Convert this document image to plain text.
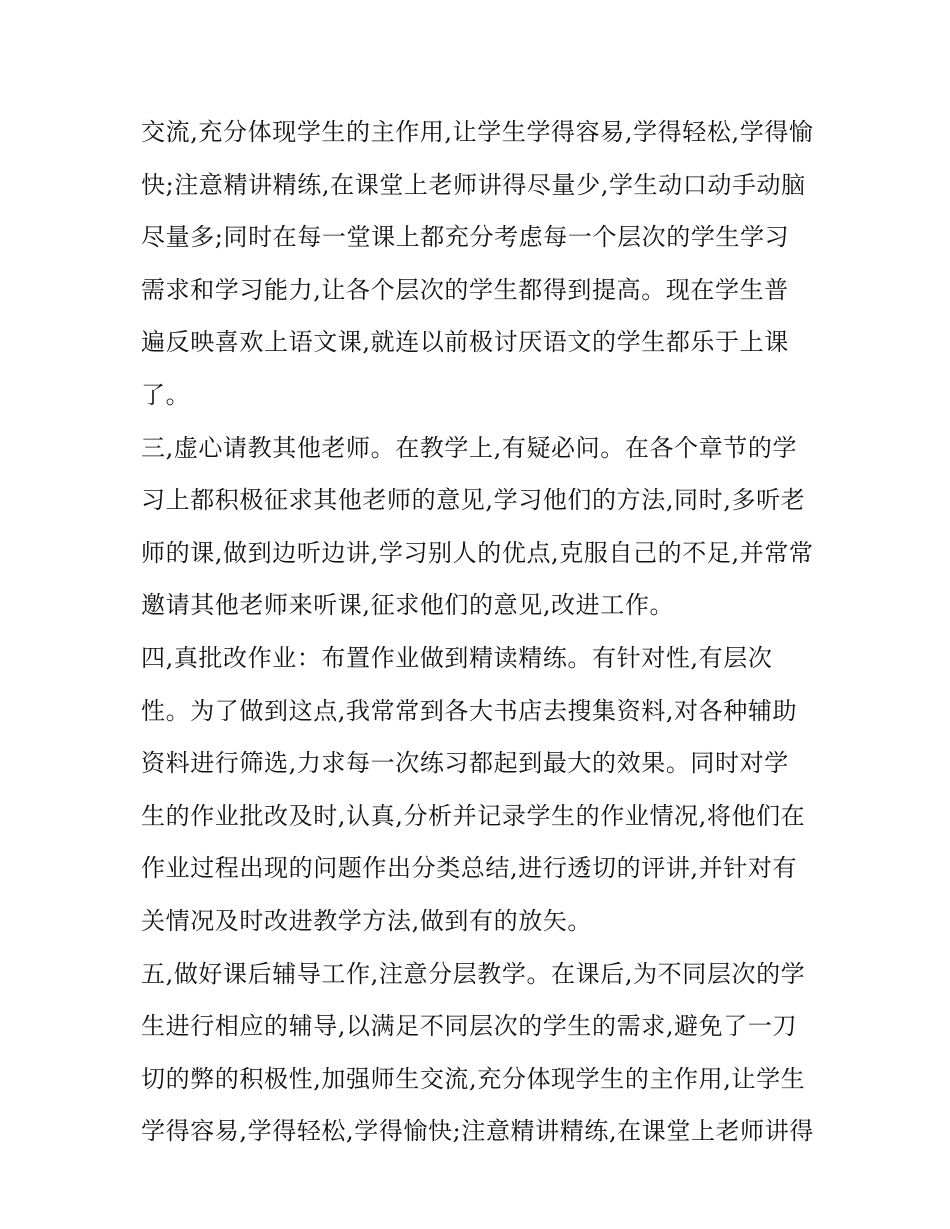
交流,充分体现学生的主作用,让学生学得容易,学得轻松,学得愉
快;注意精讲精练,在课堂上老师讲得尽量少,学生动口动手动脑
尽量多;同时在每一堂课上都充分考虑每一个层次的学生学习
需求和学习能力,让各个层次的学生都得到提高。现在学生普
遍反映喜欢上语文课,就连以前极讨厌语文的学生都乐于上课
了。
三,虚心请教其他老师。在教学上,有疑必问。在各个章节的学
习上都积极征求其他老师的意见,学习他们的方法,同时,多听老
师的课,做到边听边讲,学习别人的优点,克服自己的不足,并常常
邀请其他老师来听课,征求他们的意见,改进工作。
四,真批改作业：布置作业做到精读精练。有针对性,有层次
性。为了做到这点,我常常到各大书店去搜集资料,对各种辅助
资料进行筛选,力求每一次练习都起到最大的效果。同时对学
生的作业批改及时,认真,分析并记录学生的作业情况,将他们在
作业过程出现的问题作出分类总结,进行透切的评讲,并针对有
关情况及时改进教学方法,做到有的放矢。
五,做好课后辅导工作,注意分层教学。在课后,为不同层次的学
生进行相应的辅导,以满足不同层次的学生的需求,避免了一刀
切的弊的积极性,加强师生交流,充分体现学生的主作用,让学生
学得容易,学得轻松,学得愉快;注意精讲精练,在课堂上老师讲得
